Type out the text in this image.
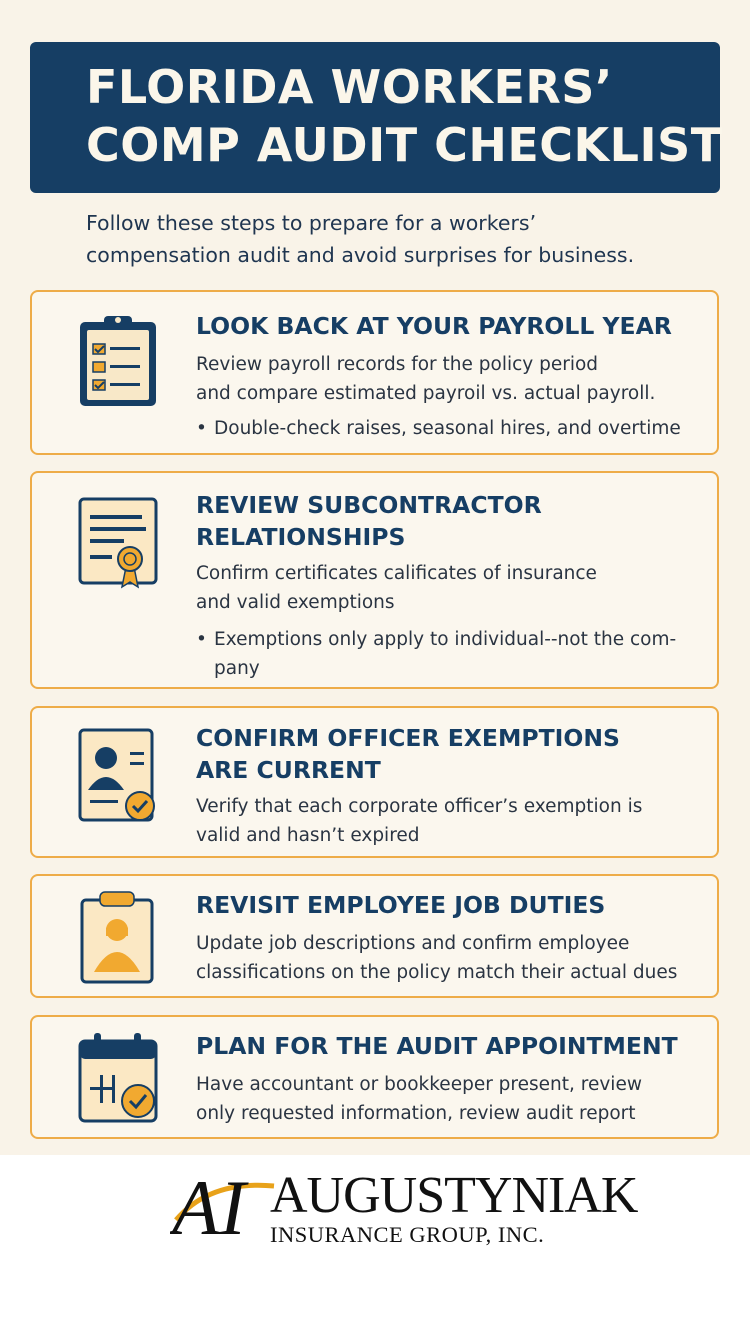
FLORIDA WORKERS’
COMP AUDIT CHECKLIST
Follow these steps to prepare for a workers’
compensation audit and avoid surprises for business.
LOOK BACK AT YOUR PAYROLL YEAR
Review payroll records for the policy period
and compare estimated payroil vs. actual payroll.
• Double-check raises, seasonal hires, and overtime
REVIEW SUBCONTRACTOR
RELATIONSHIPS
Confirm certificates calificates of insurance
and valid exemptions
• Exemptions only apply to individual--not the com-
pany
CONFIRM OFFICER EXEMPTIONS
ARE CURRENT
Verify that each corporate officer’s exemption is
valid and hasn’t expired
REVISIT EMPLOYEE JOB DUTIES
Update job descriptions and confirm employee
classifications on the policy match their actual dues
PLAN FOR THE AUDIT APPOINTMENT
Have accountant or bookkeeper present, review
only requested information, review audit report
AI AUGUSTYNIAK
INSURANCE GROUP, INC.
